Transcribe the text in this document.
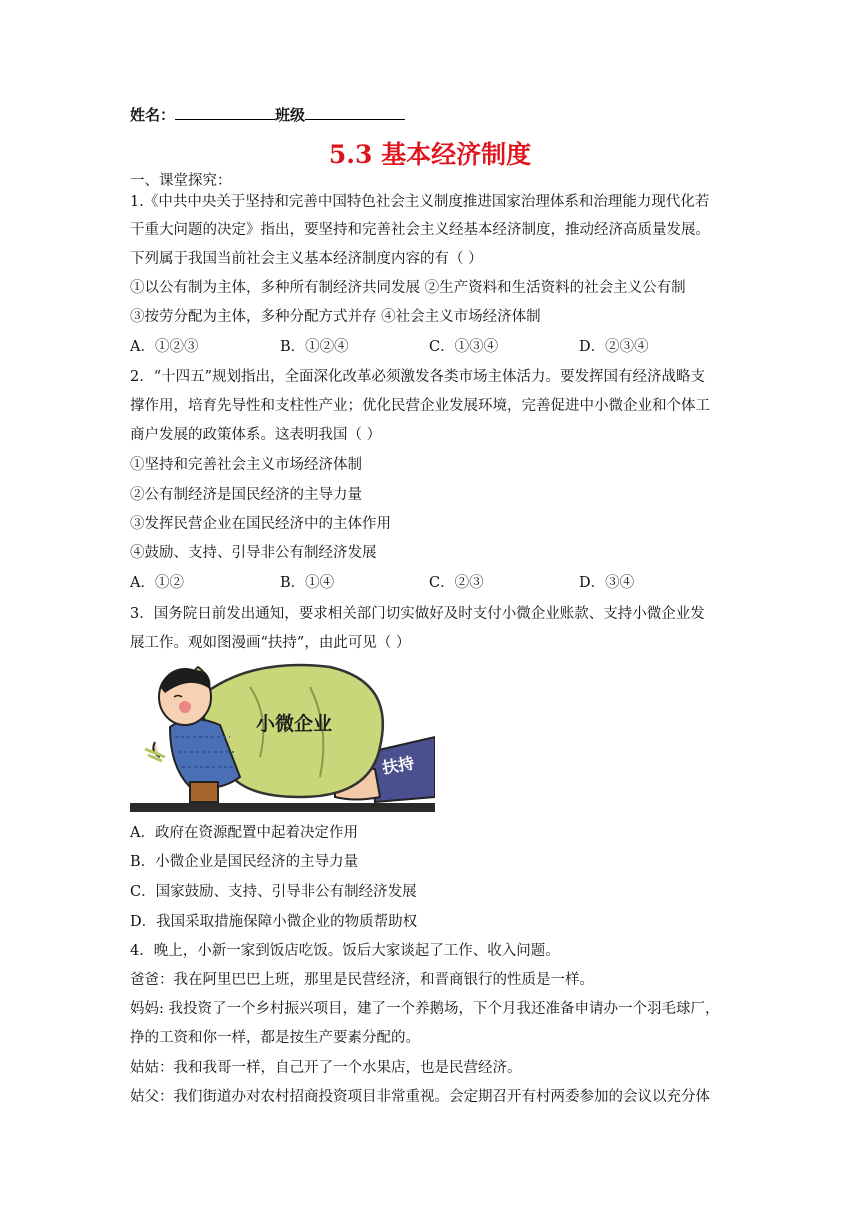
姓名：	班级
5.3 基本经济制度
一、课堂探究：
1.《中共中央关于坚持和完善中国特色社会主义制度推进国家治理体系和治理能力现代化若
干重大问题的决定》指出，要坚持和完善社会主义经基本经济制度，推动经济高质量发展。
下列属于我国当前社会主义基本经济制度内容的有（ ）
①以公有制为主体，多种所有制经济共同发展 ②生产资料和生活资料的社会主义公有制
③按劳分配为主体，多种分配方式并存 ④社会主义市场经济体制
A．①②③	B．①②④	C．①③④	D．②③④
2．“十四五”规划指出，全面深化改革必须激发各类市场主体活力。要发挥国有经济战略支
撑作用，培育先导性和支柱性产业；优化民营企业发展环境，完善促进中小微企业和个体工
商户发展的政策体系。这表明我国（ ）
①坚持和完善社会主义市场经济体制
②公有制经济是国民经济的主导力量
③发挥民营企业在国民经济中的主体作用
④鼓励、支持、引导非公有制经济发展
A．①②	B．①④	C．②③	D．③④
3．国务院日前发出通知，要求相关部门切实做好及时支付小微企业账款、支持小微企业发
展工作。观如图漫画“扶持”，由此可见（ ）
小微企业
扶持
A．政府在资源配置中起着决定作用
B．小微企业是国民经济的主导力量
C．国家鼓励、支持、引导非公有制经济发展
D．我国采取措施保障小微企业的物质帮助权
4．晚上，小新一家到饭店吃饭。饭后大家谈起了工作、收入问题。
爸爸：我在阿里巴巴上班，那里是民营经济，和晋商银行的性质是一样。
妈妈: 我投资了一个乡村振兴项目，建了一个养鹅场，下个月我还准备申请办一个羽毛球厂，
挣的工资和你一样，都是按生产要素分配的。
姑姑：我和我哥一样，自己开了一个水果店，也是民营经济。
姑父：我们街道办对农村招商投资项目非常重视。会定期召开有村两委参加的会议以充分体
